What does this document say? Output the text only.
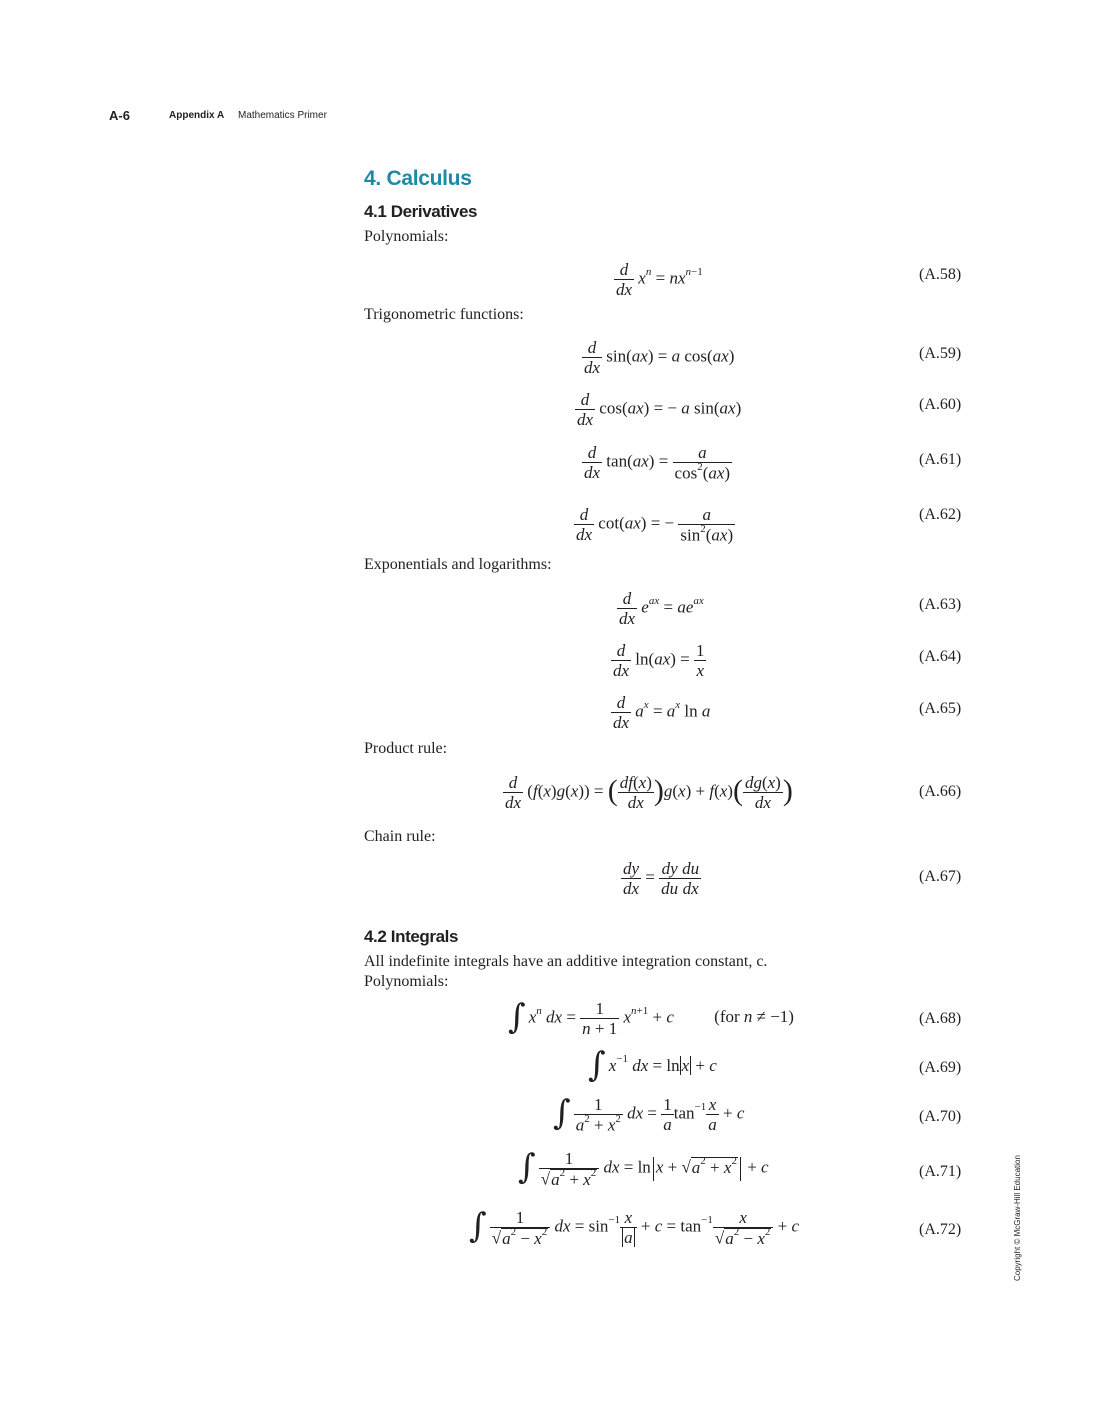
A-6	Appendix A Mathematics Primer
4. Calculus
4.1 Derivatives
Polynomials:
$\frac{d}{dx} x^n = nx^{n-1}$	(A.58)
Trigonometric functions:
$\frac{d}{dx} \sin(ax) = a$ cos(ax)	(A.59)
$\frac{d}{dx} \cos(ax)$ = − a sin(ax)	(A.60)
$\frac{d}{dx} \tan(ax) = \frac{a}{\cos^2(ax)}$	(A.61)
$\frac{d}{dx} \cot(ax)$ = − $\frac{a}{\sin^2(ax)}$	(A.62)
Exponentials and logarithms:
$\frac{d}{dx} e^{ax} = ae^{ax}$	(A.63)
$\frac{d}{dx} \ln(ax) = \frac{1}{x}$	(A.64)
$\frac{d}{dx} a^x = a^x$ ln a	(A.65)
Product rule:
$\frac{d}{dx} (f(x)g(x))$ = ( $\frac{df(x)}{dx} )g(x) + f(x)( \frac{dg(x)}{dx}$ )	(A.66)
Chain rule:
$\frac{dy}{dx} = \frac{dy}{du} \frac{du}{dx}$	(A.67)
4.2 Integrals
All indefinite integrals have an additive integration constant, c.
Polynomials:
∫ $x^n$ dx = $\frac{1}{n + 1} x^{n+1} + c$ (for n ≠ −1)	(A.68)
∫ $x^{-1}$ dx = ln x + c	(A.69)
∫ $\frac{1}{a^2 + x^2}$ dx = $\frac{1}{a} \tan^{-1} \frac{x}{a} + c$	(A.70)
∫ $\frac{1}{√a^2 + x^2}$ dx = $\ln x + √a^2 + x^2 + c$	(A.71)
∫ $\frac{1}{√a^2 - x^2}$ dx = $\sin^{-1} \frac{x}{a} + c = \tan^{-1} \frac{x}{√a^2 - x^2} + c$	(A.72)	Copyright © McGraw-Hill Education
